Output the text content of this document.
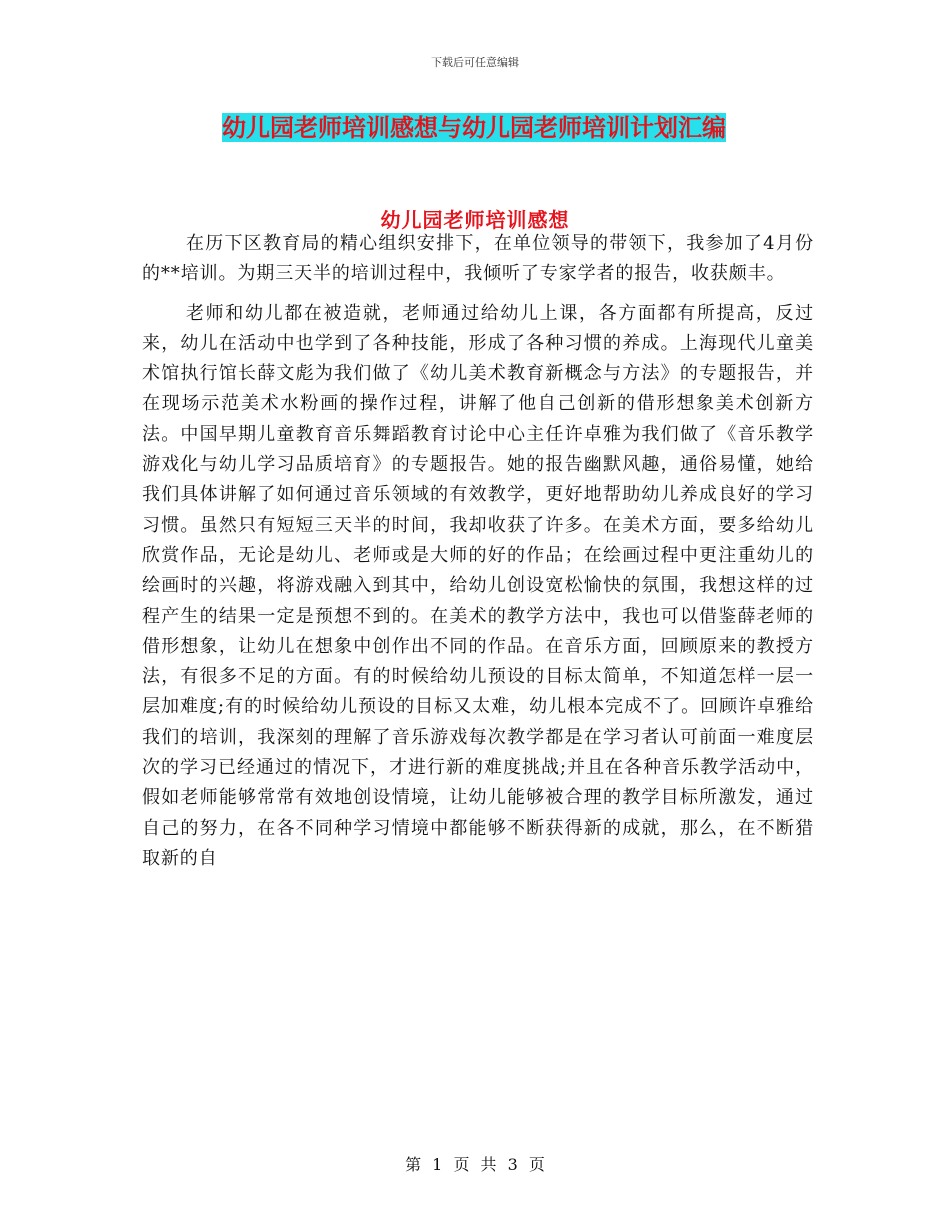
下载后可任意编辑
幼儿园老师培训感想与幼儿园老师培训计划汇编
幼儿园老师培训感想

在历下区教育局的精心组织安排下，在单位领导的带领下，我参加了4月份的**培训。为期三天半的培训过程中，我倾听了专家学者的报告，收获颇丰。

老师和幼儿都在被造就，老师通过给幼儿上课，各方面都有所提高，反过来，幼儿在活动中也学到了各种技能，形成了各种习惯的养成。上海现代儿童美术馆执行馆长薛文彪为我们做了《幼儿美术教育新概念与方法》的专题报告，并在现场示范美术水粉画的操作过程，讲解了他自己创新的借形想象美术创新方法。中国早期儿童教育音乐舞蹈教育讨论中心主任许卓雅为我们做了《音乐教学游戏化与幼儿学习品质培育》的专题报告。她的报告幽默风趣，通俗易懂，她给我们具体讲解了如何通过音乐领域的有效教学，更好地帮助幼儿养成良好的学习习惯。虽然只有短短三天半的时间，我却收获了许多。在美术方面，要多给幼儿欣赏作品，无论是幼儿、老师或是大师的好的作品；在绘画过程中更注重幼儿的绘画时的兴趣，将游戏融入到其中，给幼儿创设宽松愉快的氛围，我想这样的过程产生的结果一定是预想不到的。在美术的教学方法中，我也可以借鉴薛老师的借形想象，让幼儿在想象中创作出不同的作品。在音乐方面，回顾原来的教授方法，有很多不足的方面。有的时候给幼儿预设的目标太简单，不知道怎样一层一层加难度;有的时候给幼儿预设的目标又太难，幼儿根本完成不了。回顾许卓雅给我们的培训，我深刻的理解了音乐游戏每次教学都是在学习者认可前面一难度层次的学习已经通过的情况下，才进行新的难度挑战;并且在各种音乐教学活动中，假如老师能够常常有效地创设情境，让幼儿能够被合理的教学目标所激发，通过自己的努力，在各不同种学习情境中都能够不断获得新的成就，那么，在不断猎取新的自

第 1 页 共 3 页
